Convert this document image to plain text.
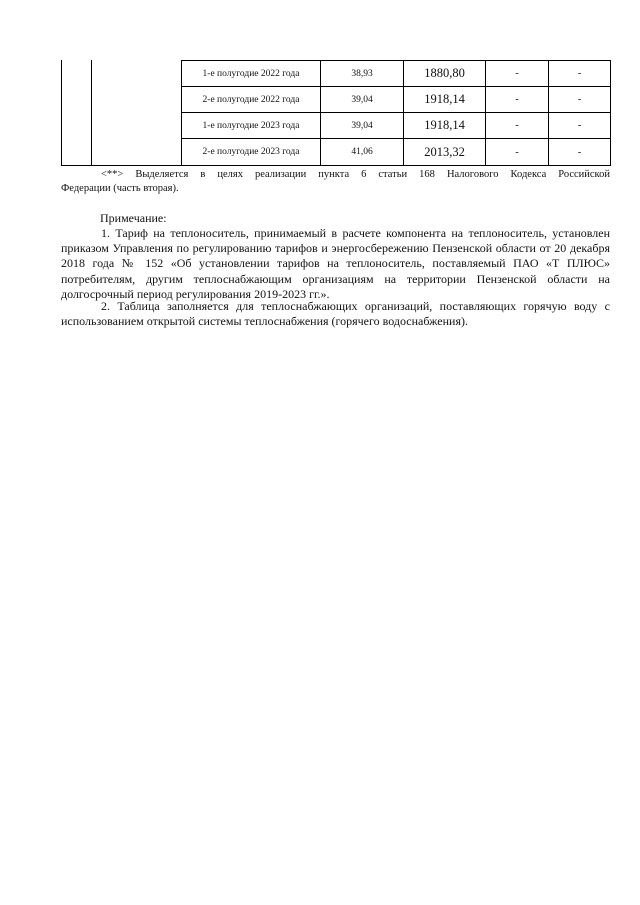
1-е полугодие 2022 года	38,93	1880,80	-	-
2-е полугодие 2022 года	39,04	1918,14	-	-
1-е полугодие 2023 года	39,04	1918,14	-	-
2-е полугодие 2023 года	41,06	2013,32	-	-
<**> Выделяется в целях реализации пункта 6 статьи 168 Налогового Кодекса Российской
Федерации (часть вторая).
Примечание:

1. Тариф на теплоноситель, принимаемый в расчете компонента на теплоноситель, установлен приказом Управления по регулированию тарифов и энергосбережению Пензенской области от 20 декабря 2018 года № 152 «Об установлении тарифов на теплоноситель, поставляемый ПАО «Т ПЛЮС» потребителям, другим теплоснабжающим организациям на территории Пензенской области на долгосрочный период регулирования 2019-2023 гг.».

2. Таблица заполняется для теплоснабжающих организаций, поставляющих горячую воду с использованием открытой системы теплоснабжения (горячего водоснабжения).
